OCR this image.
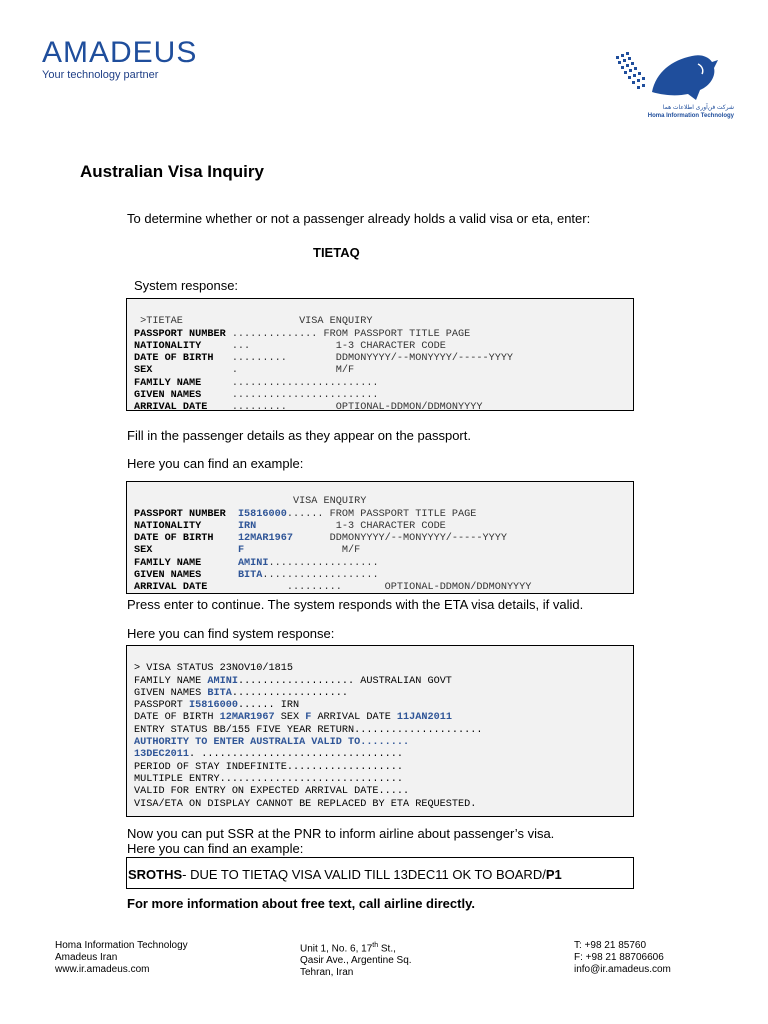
AMADEUS
Your technology partner
شرکت فن‌آوری اطلاعات هما
Homa Information Technology
Australian Visa Inquiry
To determine whether or not a passenger already holds a valid visa or eta, enter:
TIETAQ
System response:

>TIETAE                   VISA ENQUIRY
PASSPORT NUMBER .............. FROM PASSPORT TITLE PAGE
NATIONALITY     ...              1-3 CHARACTER CODE
DATE OF BIRTH   .........        DDMONYYYY/--MONYYYY/-----YYYY
SEX             .                M/F
FAMILY NAME     ........................
GIVEN NAMES     ........................
ARRIVAL DATE    .........        OPTIONAL-DDMON/DDMONYYYY

Fill in the passenger details as they appear on the passport.
Here you can find an example:

VISA ENQUIRY
PASSPORT NUMBER  I5816000...... FROM PASSPORT TITLE PAGE
NATIONALITY      IRN             1-3 CHARACTER CODE
DATE OF BIRTH    12MAR1967      DDMONYYYY/--MONYYYY/-----YYYY
SEX              F                M/F
FAMILY NAME      AMINI..................
GIVEN NAMES      BITA...................
ARRIVAL DATE             .........       OPTIONAL-DDMON/DDMONYYYY

Press enter to continue. The system responds with the ETA visa details, if valid.
Here you can find system response:

> VISA STATUS 23NOV10/1815
FAMILY NAME AMINI................... AUSTRALIAN GOVT
GIVEN NAMES BITA...................
PASSPORT I5816000...... IRN
DATE OF BIRTH 12MAR1967 SEX F ARRIVAL DATE 11JAN2011
ENTRY STATUS BB/155 FIVE YEAR RETURN.....................
AUTHORITY TO ENTER AUSTRALIA VALID TO........
13DEC2011. .................................
PERIOD OF STAY INDEFINITE...................
MULTIPLE ENTRY..............................
VALID FOR ENTRY ON EXPECTED ARRIVAL DATE.....
VISA/ETA ON DISPLAY CANNOT BE REPLACED BY ETA REQUESTED.

Now you can put SSR at the PNR to inform airline about passenger’s visa.
Here you can find an example:
SROTHS- DUE TO TIETAQ VISA VALID TILL 13DEC11 OK TO BOARD/P1
For more information about free text, call airline directly.
Homa Information Technology
Amadeus Iran
www.ir.amadeus.com
Unit 1, No. 6, 17th St.,
Qasir Ave., Argentine Sq.
Tehran, Iran
T: +98 21 85760
F: +98 21 88706606
info@ir.amadeus.com
